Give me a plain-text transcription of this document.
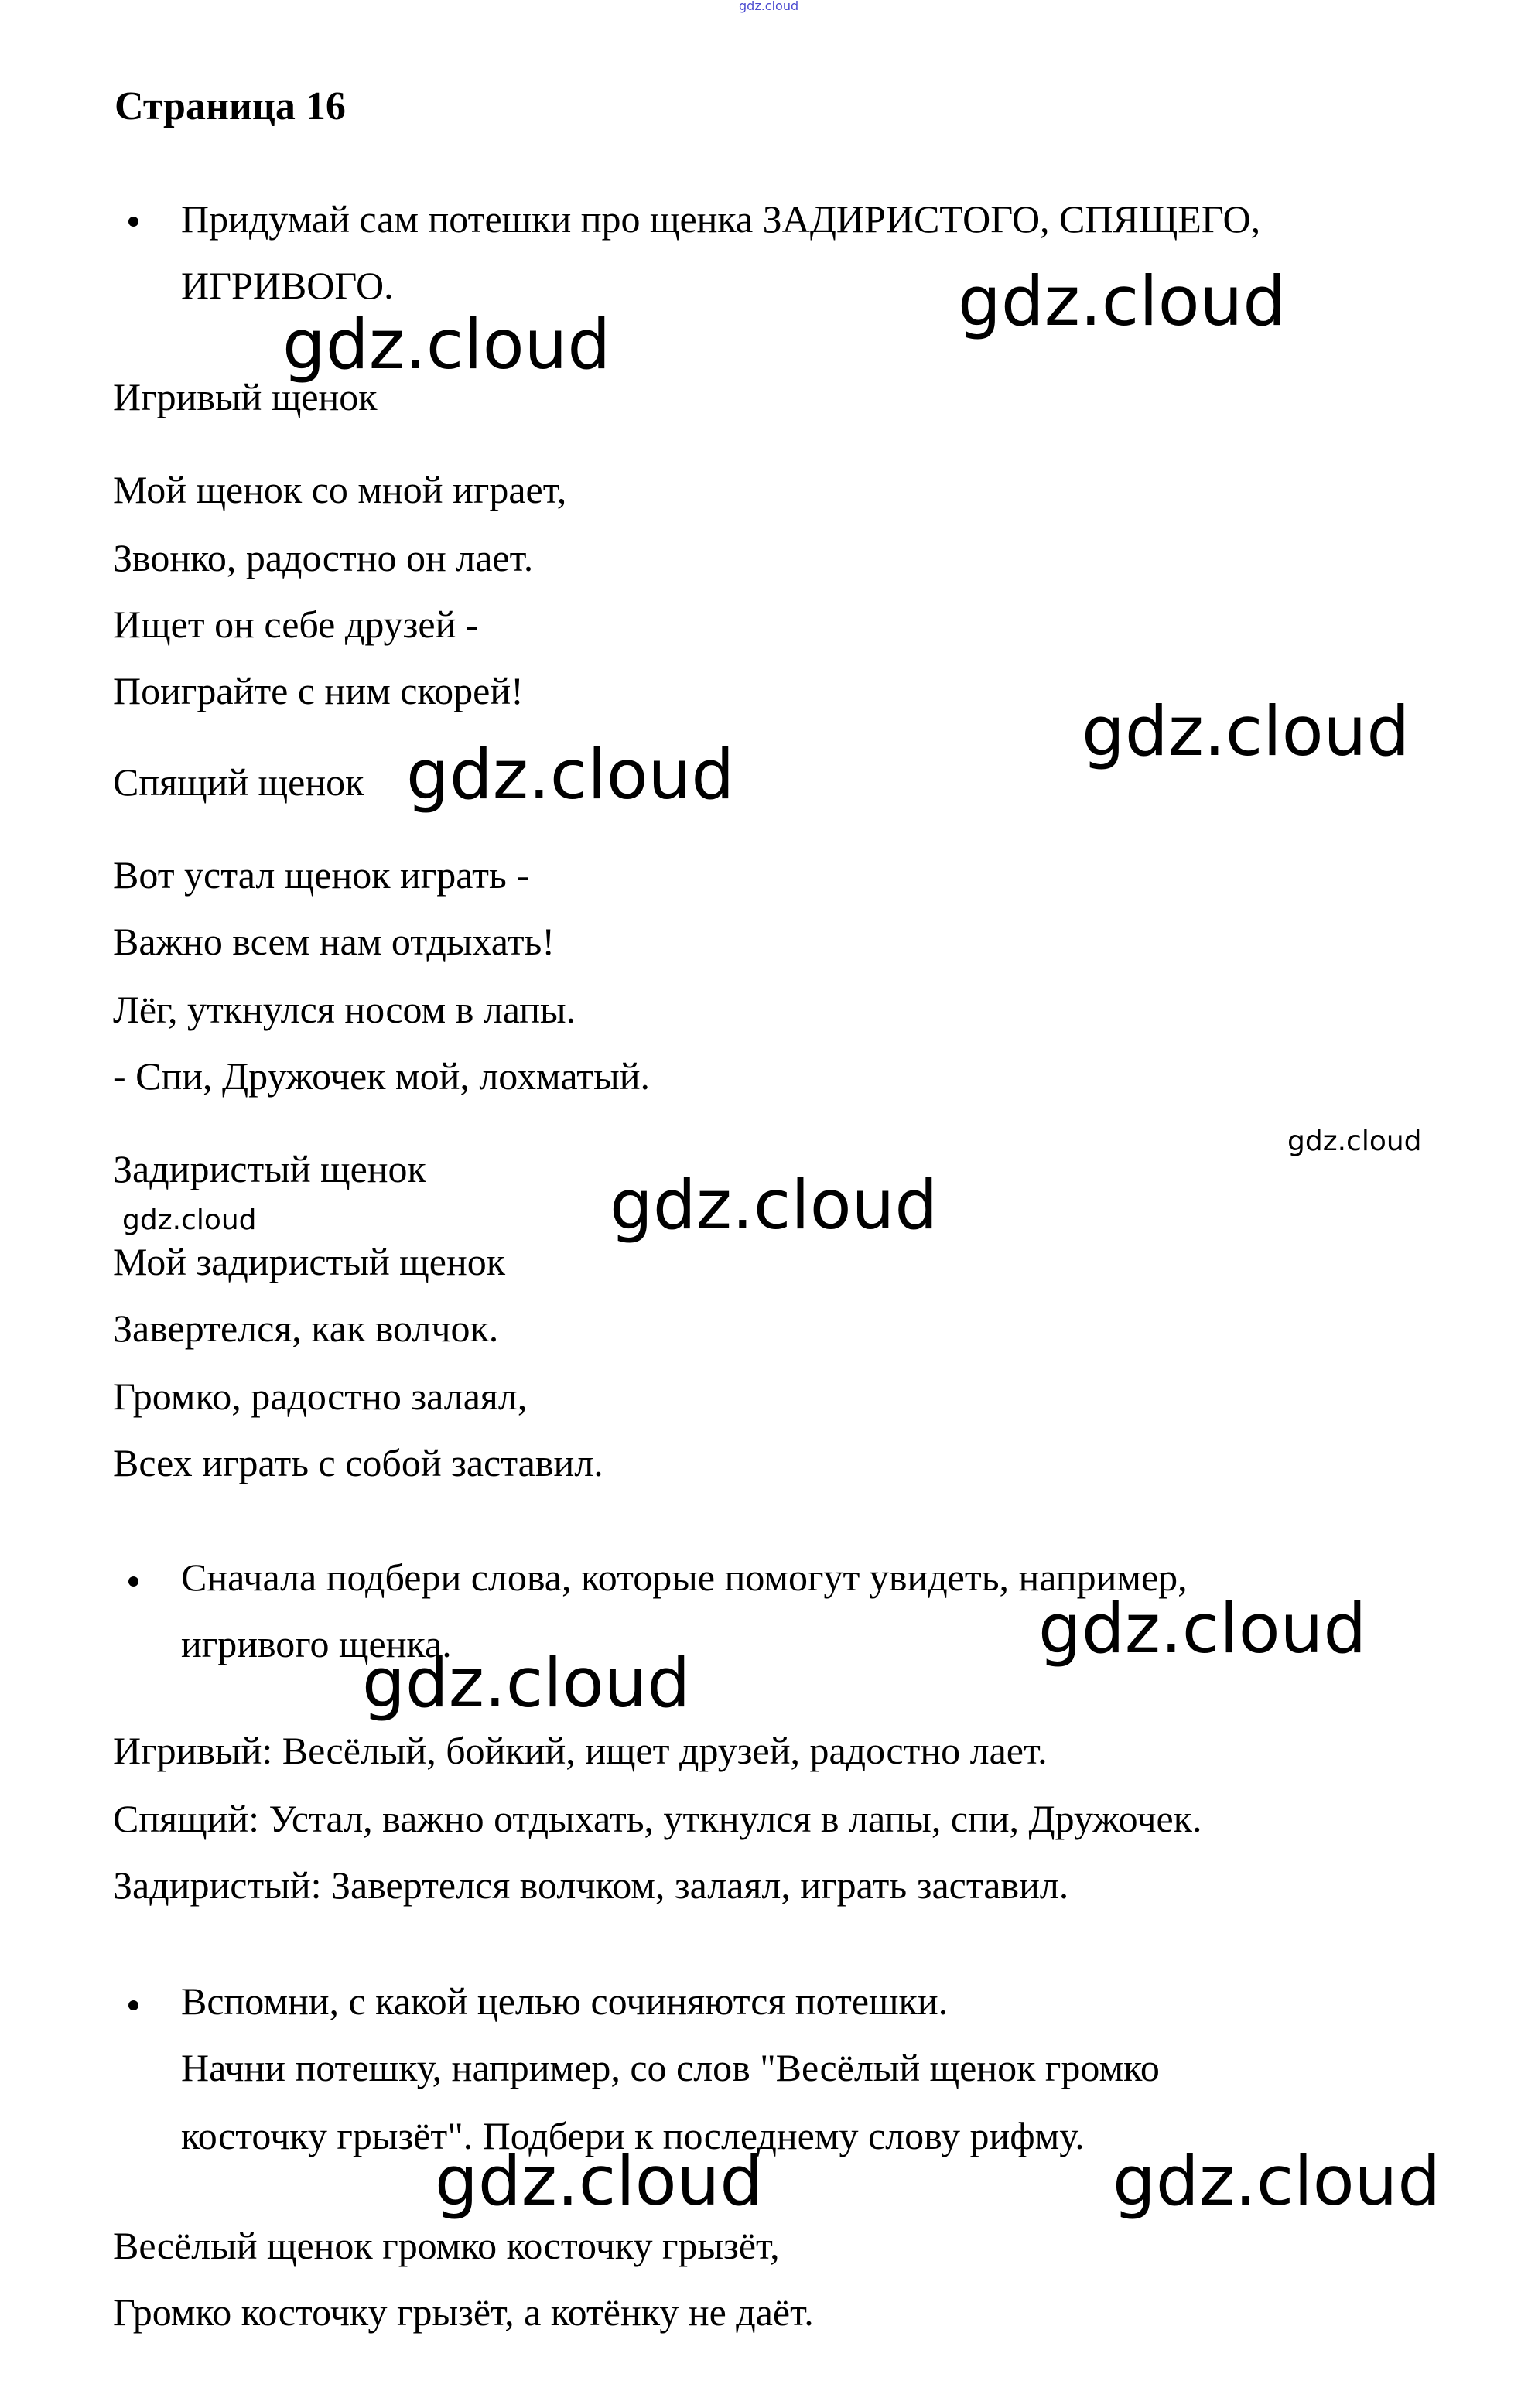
gdz.cloud
Страница 16
Придумай сам потешки про щенка ЗАДИРИСТОГО, СПЯЩЕГО,
ИГРИВОГО.
Игривый щенок
Мой щенок со мной играет,
Звонко, радостно он лает.
Ищет он себе друзей -
Поиграйте с ним скорей!
Спящий щенок
Вот устал щенок играть -
Важно всем нам отдыхать!
Лёг, уткнулся носом в лапы.
- Спи, Дружочек мой, лохматый.
Задиристый щенок
Мой задиристый щенок
Завертелся, как волчок.
Громко, радостно залаял,
Всех играть с собой заставил.
Сначала подбери слова, которые помогут увидеть, например,
игривого щенка.
Игривый: Весёлый, бойкий, ищет друзей, радостно лает.
Спящий: Устал, важно отдыхать, уткнулся в лапы, спи, Дружочек.
Задиристый: Завертелся волчком, залаял, играть заставил.
Вспомни, с какой целью сочиняются потешки.
Начни потешку, например, со слов "Весёлый щенок громко
косточку грызёт". Подбери к последнему слову рифму.
Весёлый щенок громко косточку грызёт,
Громко косточку грызёт, а котёнку не даёт.
gdz.cloud
gdz.cloud
gdz.cloud
gdz.cloud
gdz.cloud
gdz.cloud
gdz.cloud
gdz.cloud
gdz.cloud
gdz.cloud	gdz.cloud
